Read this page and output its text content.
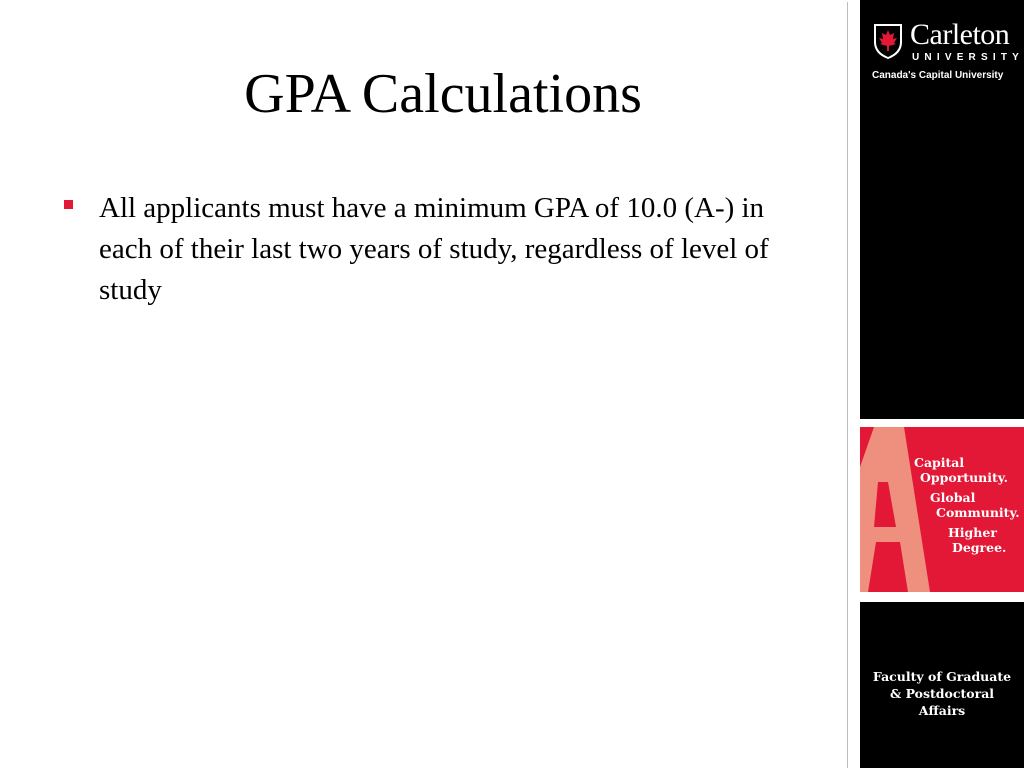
GPA Calculations
All applicants must have a minimum GPA of 10.0 (A-) in each of their last two years of study, regardless of level of study
Carleton
UNIVERSITY
Canada's Capital University
Capital
Opportunity.
Global
Community.
Higher
Degree.
Faculty of Graduate
& Postdoctoral
Affairs
